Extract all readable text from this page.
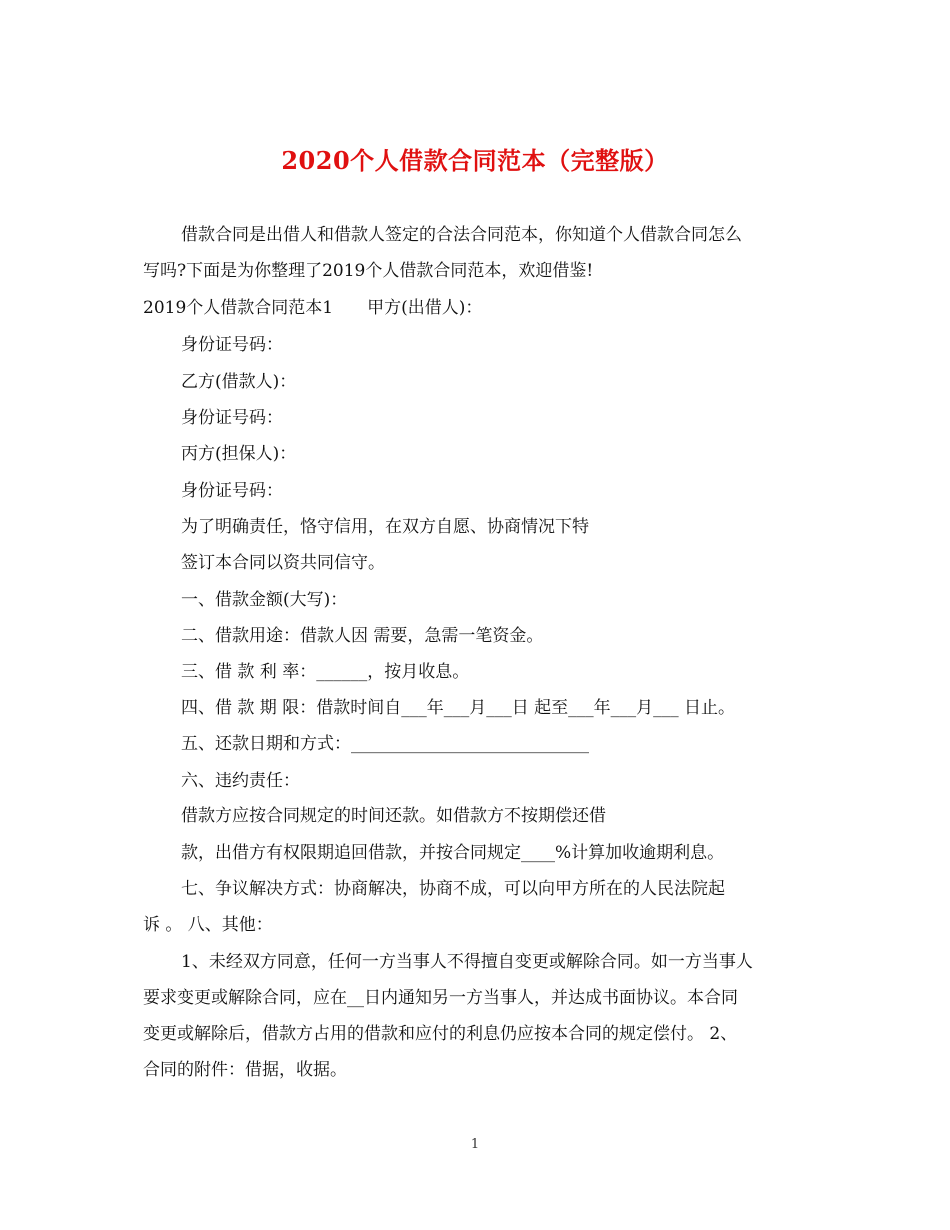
2020个人借款合同范本（完整版）
借款合同是出借人和借款人签定的合法合同范本，你知道个人借款合同怎么
写吗?下面是为你整理了2019个人借款合同范本，欢迎借鉴!
2019个人借款合同范本1　　甲方(出借人)：
身份证号码：
乙方(借款人)：
身份证号码：
丙方(担保人)：
身份证号码：
为了明确责任，恪守信用，在双方自愿、协商情况下特
签订本合同以资共同信守。
一、借款金额(大写)：
二、借款用途：借款人因 需要，急需一笔资金。
三、借 款 利 率：______，按月收息。
四、借 款 期 限：借款时间自___年___月___日 起至___年___月___ 日止。
五、还款日期和方式：____________________________
六、违约责任：
借款方应按合同规定的时间还款。如借款方不按期偿还借
款，出借方有权限期追回借款，并按合同规定____%计算加收逾期利息。
七、争议解决方式：协商解决，协商不成，可以向甲方所在的人民法院起
诉 。 八、其他：
1、未经双方同意，任何一方当事人不得擅自变更或解除合同。如一方当事人
要求变更或解除合同，应在__日内通知另一方当事人，并达成书面协议。本合同
变更或解除后，借款方占用的借款和应付的利息仍应按本合同的规定偿付。 2、
合同的附件：借据，收据。
1
